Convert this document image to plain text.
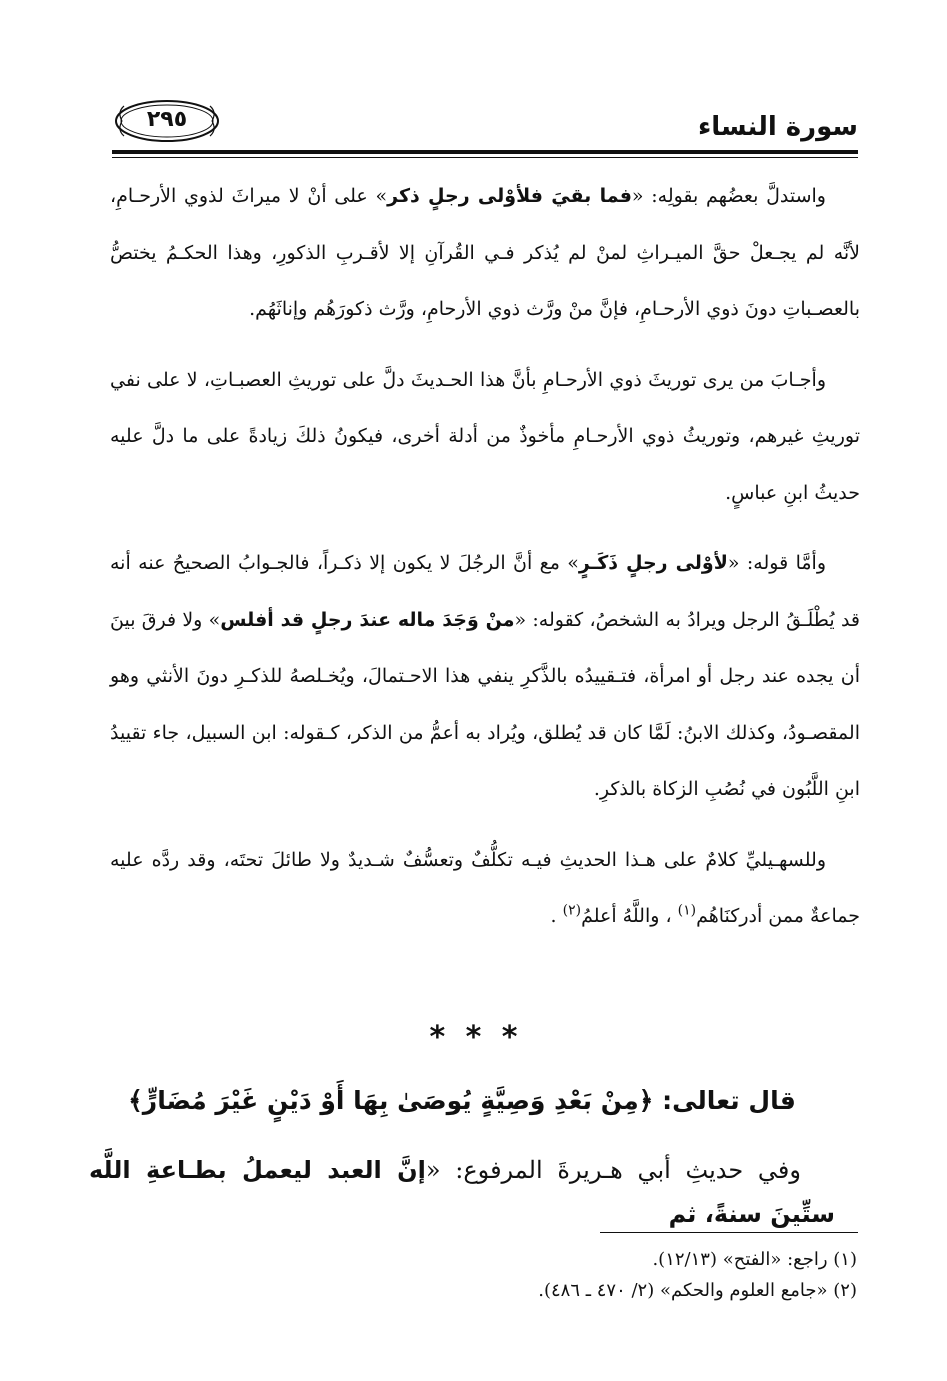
سورة النساء
٢٩٥

واستدلَّ بعضُهم بقولِه: «فما بقيَ فلأوْلى رجلٍ ذكر» على أنْ لا ميراثَ لذوي الأرحـامِ، لأنَّه لم يجـعلْ حقَّ الميـراثِ لمنْ لم يُذكر فـي القُرآنِ إلا لأقـربِ الذكورِ، وهذا الحكـمُ يختصُّ بالعصـباتِ دونَ ذوي الأرحـامِ، فإنَّ منْ ورَّث ذوي الأرحامِ، ورَّث ذكورَهُم وإناثَهُم.

وأجـابَ من يرى توريثَ ذوي الأرحـامِ بأنَّ هذا الحـديثَ دلَّ على توريثِ العصبـاتِ، لا على نفي توريثِ غيرهم، وتوريثُ ذوي الأرحـامِ مأخوذٌ من أدلة أخرى، فيكونُ ذلكَ زيادةً على ما دلَّ عليه حديثُ ابنِ عباسٍ.

وأمَّا قوله: «لأوْلى رجلٍ ذَكَـرٍ» مع أنَّ الرجُلَ لا يكون إلا ذكـراً، فالجـوابُ الصحيحُ عنه أنه قد يُطْلَـقُ الرجل ويرادُ به الشخصُ، كقوله: «منْ وَجَدَ ماله عندَ رجلٍ قد أفلس» ولا فرقَ بينَ أن يجده عند رجل أو امرأة، فتـقييدُه بالذَّكرِ ينفي هذا الاحـتمالَ، ويُخـلصهُ للذكـرِ دونَ الأنثي وهو المقصـودُ، وكذلك الابنُ: لَمَّا كان قد يُطلق، ويُراد به أعمُّ من الذكر، كـقوله: ابن السبيل، جاء تقييدُ ابنِ اللَّبُون في نُصُبِ الزكاة بالذكرِ.

وللسهـيليِّ كلامٌ على هـذا الحديثِ فيـه تكلُّفٌ وتعسُّفٌ شـديدٌ ولا طائلَ تحتَه، وقد ردَّه عليه جماعةٌ ممن أدركنَاهُم$^{(١)}$ ، واللَّهُ أعلمُ$^{(٢)}$ .

* * *
قال تعالى: ﴿مِنْ بَعْدِ وَصِيَّةٍ يُوصَىٰ بِهَا أَوْ دَيْنٍ غَيْرَ مُضَارٍّ﴾
وفي حديثِ أبي هـريرةَ المرفوع: «إنَّ العبد ليعملُ بطـاعةِ اللَّه ستِّينَ سنةً، ثم
(١) راجع: «الفتح» (١٢/١٣).
(٢) «جامع العلوم والحكم» (٢/ ٤٧٠ ـ ٤٨٦).
